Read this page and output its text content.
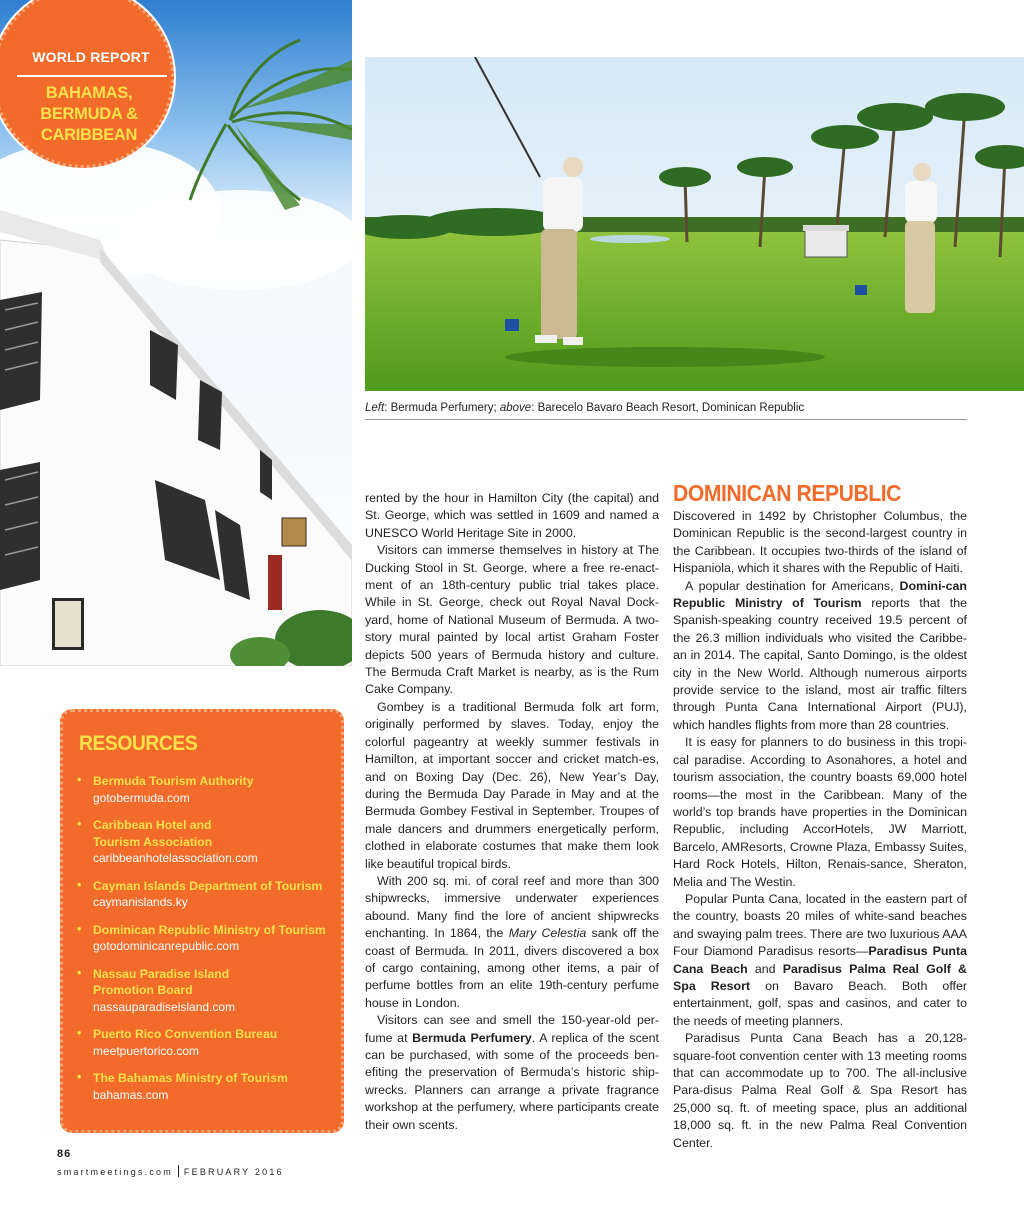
WORLD REPORT
BAHAMAS, BERMUDA & CARIBBEAN
Left: Bermuda Perfumery; above: Barecelo Bavaro Beach Resort, Dominican Republic

rented by the hour in Hamilton City (the capital) and St. George, which was settled in 1609 and named a UNESCO World Heritage Site in 2000.

Visitors can immerse themselves in history at The Ducking Stool in St. George, where a free re-enact-ment of an 18th-century public trial takes place. While in St. George, check out Royal Naval Dock-yard, home of National Museum of Bermuda. A two-story mural painted by local artist Graham Foster depicts 500 years of Bermuda history and culture. The Bermuda Craft Market is nearby, as is the Rum Cake Company.

Gombey is a traditional Bermuda folk art form, originally performed by slaves. Today, enjoy the colorful pageantry at weekly summer festivals in Hamilton, at important soccer and cricket match-es, and on Boxing Day (Dec. 26), New Year’s Day, during the Bermuda Day Parade in May and at the Bermuda Gombey Festival in September. Troupes of male dancers and drummers energetically perform, clothed in elaborate costumes that make them look like beautiful tropical birds.

With 200 sq. mi. of coral reef and more than 300 shipwrecks, immersive underwater experiences abound. Many find the lore of ancient shipwrecks enchanting. In 1864, the Mary Celestia sank off the coast of Bermuda. In 2011, divers discovered a box of cargo containing, among other items, a pair of perfume bottles from an elite 19th-century perfume house in London.

Visitors can see and smell the 150-year-old per-fume at Bermuda Perfumery. A replica of the scent can be purchased, with some of the proceeds ben-efiting the preservation of Bermuda’s historic ship-wrecks. Planners can arrange a private fragrance workshop at the perfumery, where participants create their own scents.

DOMINICAN REPUBLIC

Discovered in 1492 by Christopher Columbus, the Dominican Republic is the second-largest country in the Caribbean. It occupies two-thirds of the island of Hispaniola, which it shares with the Republic of Haiti.

A popular destination for Americans, Domini-can Republic Ministry of Tourism reports that the Spanish-speaking country received 19.5 percent of the 26.3 million individuals who visited the Caribbe-an in 2014. The capital, Santo Domingo, is the oldest city in the New World. Although numerous airports provide service to the island, most air traffic filters through Punta Cana International Airport (PUJ), which handles flights from more than 28 countries.

It is easy for planners to do business in this tropi-cal paradise. According to Asonahores, a hotel and tourism association, the country boasts 69,000 hotel rooms—the most in the Caribbean. Many of the world’s top brands have properties in the Dominican Republic, including AccorHotels, JW Marriott, Barcelo, AMResorts, Crowne Plaza, Embassy Suites, Hard Rock Hotels, Hilton, Renais-sance, Sheraton, Melia and The Westin.

Popular Punta Cana, located in the eastern part of the country, boasts 20 miles of white-sand beaches and swaying palm trees. There are two luxurious AAA Four Diamond Paradisus resorts—Paradisus Punta Cana Beach and Paradisus Palma Real Golf & Spa Resort on Bavaro Beach. Both offer entertainment, golf, spas and casinos, and cater to the needs of meeting planners.

Paradisus Punta Cana Beach has a 20,128-square-foot convention center with 13 meeting rooms that can accommodate up to 700. The all-inclusive Para-disus Palma Real Golf & Spa Resort has 25,000 sq. ft. of meeting space, plus an additional 18,000 sq. ft. in the new Palma Real Convention Center.

RESOURCES
• Bermuda Tourism Authority
gotobermuda.com
• Caribbean Hotel and
Tourism Association
caribbeanhotelassociation.com
• Cayman Islands Department of Tourism
caymanislands.ky
• Dominican Republic Ministry of Tourism
gotodominicanrepublic.com
• Nassau Paradise Island
Promotion Board
nassauparadiseisland.com
• Puerto Rico Convention Bureau
meetpuertorico.com
• The Bahamas Ministry of Tourism
bahamas.com
86
smartmeetings.com FEBRUARY 2016
